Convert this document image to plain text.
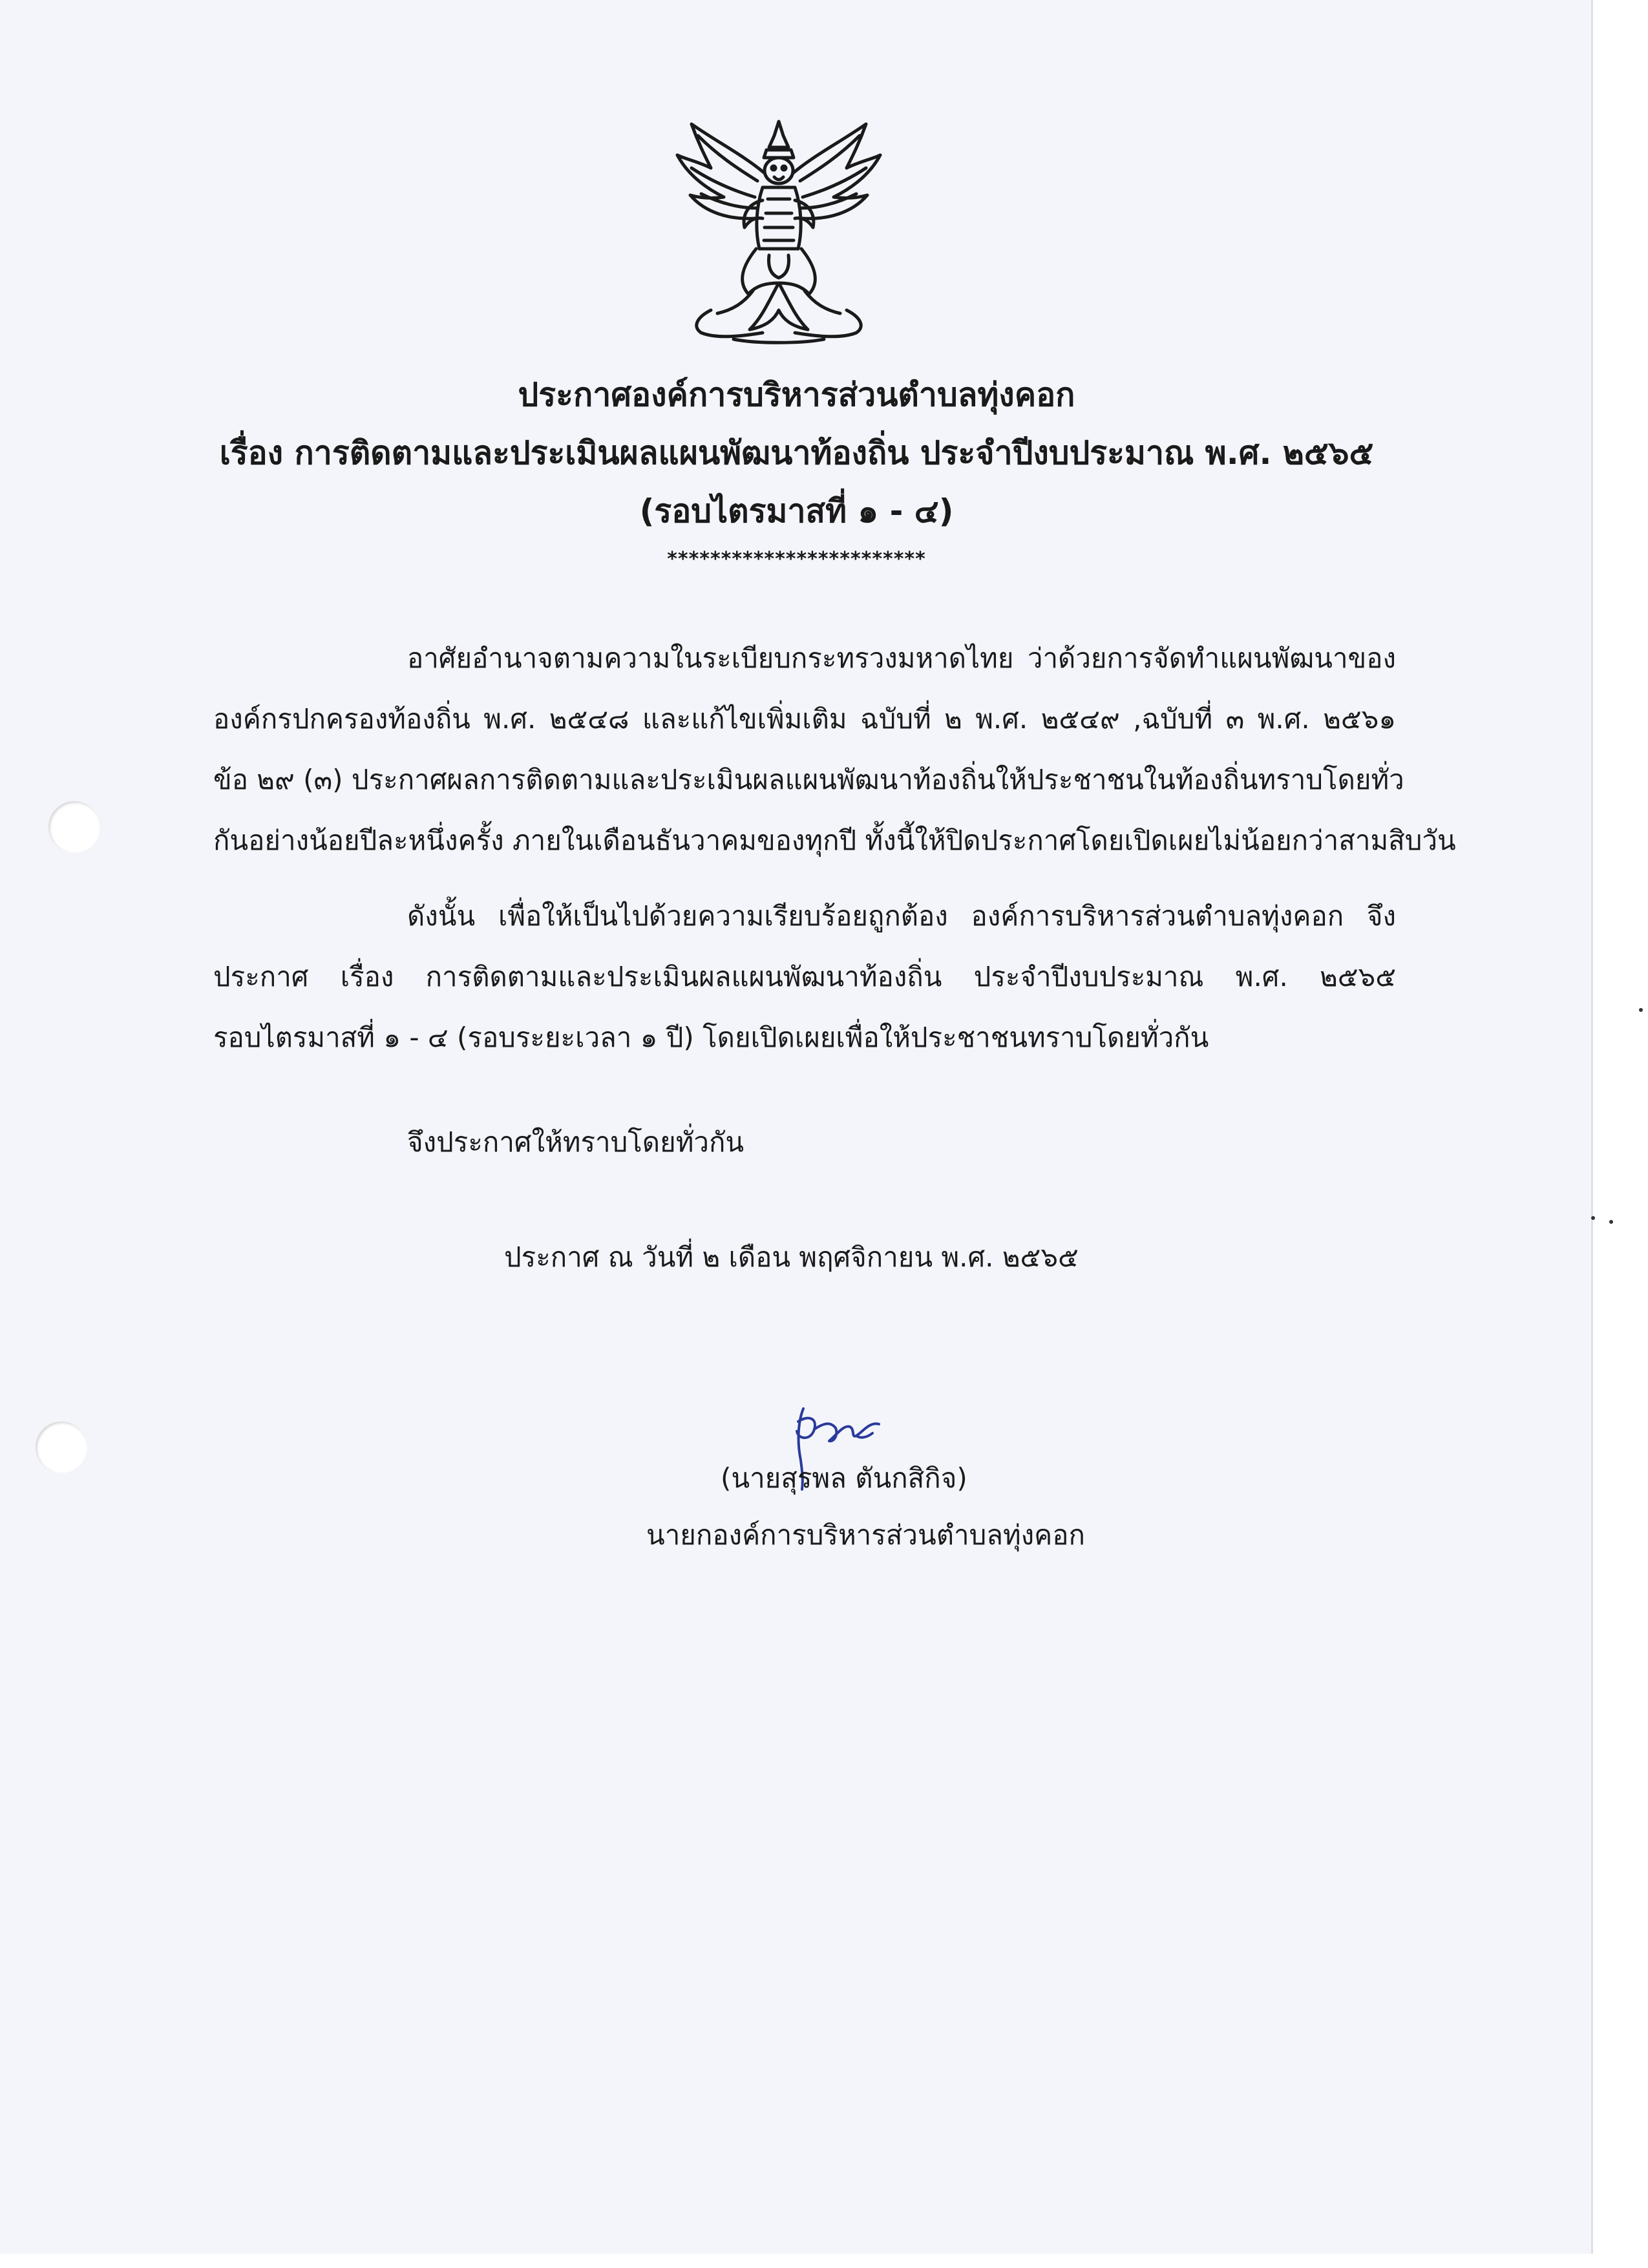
ประกาศองค์การบริหารส่วนตำบลทุ่งคอก
เรื่อง การติดตามและประเมินผลแผนพัฒนาท้องถิ่น ประจำปีงบประมาณ พ.ศ. ๒๕๖๕
(รอบไตรมาสที่ ๑ - ๔)
************************
อาศัยอำนาจตามความในระเบียบกระทรวงมหาดไทย ว่าด้วยการจัดทำแผนพัฒนาของ
องค์กรปกครองท้องถิ่น พ.ศ. ๒๕๔๘ และแก้ไขเพิ่มเติม ฉบับที่ ๒ พ.ศ. ๒๕๔๙ ,ฉบับที่ ๓ พ.ศ. ๒๕๖๑
ข้อ ๒๙ (๓) ประกาศผลการติดตามและประเมินผลแผนพัฒนาท้องถิ่นให้ประชาชนในท้องถิ่นทราบโดยทั่ว
กันอย่างน้อยปีละหนึ่งครั้ง ภายในเดือนธันวาคมของทุกปี ทั้งนี้ให้ปิดประกาศโดยเปิดเผยไม่น้อยกว่าสามสิบวัน
ดังนั้น เพื่อให้เป็นไปด้วยความเรียบร้อยถูกต้อง องค์การบริหารส่วนตำบลทุ่งคอก จึง
ประกาศ เรื่อง การติดตามและประเมินผลแผนพัฒนาท้องถิ่น ประจำปีงบประมาณ พ.ศ. ๒๕๖๕
รอบไตรมาสที่ ๑ - ๔ (รอบระยะเวลา ๑ ปี) โดยเปิดเผยเพื่อให้ประชาชนทราบโดยทั่วกัน
จึงประกาศให้ทราบโดยทั่วกัน
ประกาศ ณ วันที่ ๒ เดือน พฤศจิกายน พ.ศ. ๒๕๖๕
(นายสุรพล ตันกสิกิจ)
นายกองค์การบริหารส่วนตำบลทุ่งคอก
